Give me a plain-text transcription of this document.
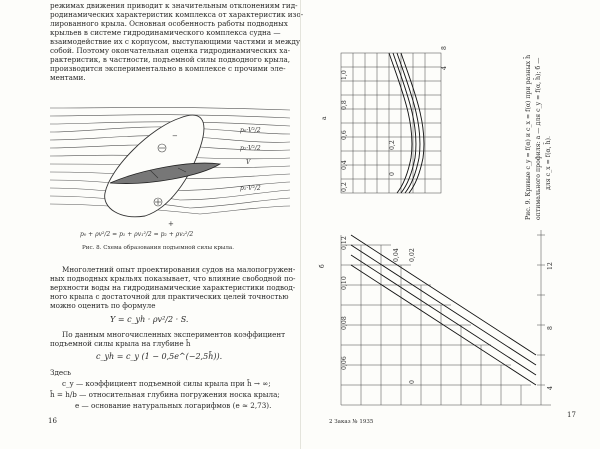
режимах движения приводит к значительным отклонениям гид-
родинамических характеристик комплекса от характеристик изо-
лированного крыла. Основная особенность работы подводных
крыльев в системе гидродинамического комплекса судна —
взаимодействие их с корпусом, выступающими частями и между
собой. Поэтому окончательная оценка гидродинамических ха-
рактеристик, в частности, подъемной силы подводного крыла,
производится экспериментально в комплексе с прочими эле-
ментами.
p₀·V²/2
p₂·V²/2
p₁·V²/2
V
+
−
p₀ + ρv²/2 = p₁ + ρv₁²/2 = p₂ + ρv₂²/2
Рис. 8. Схема образования подъемной силы крыла.
Многолетний опыт проектирования судов на малопогружен-
ных подводных крыльях показывает, что влияние свободной по-
верхности воды на гидродинамические характеристики подвод-
ного крыла с достаточной для практических целей точностью
можно оценить по формуле
Y = c_yh · ρv²/2 · S.
По данным многочисленных экспериментов коэффициент
подъемной силы крыла на глубине h̄
c_yh = c_y (1 − 0,5e^(−2,5h̄)).
Здесь
c_y — коэффициент подъемной силы крыла при h̄ → ∞;
h̄ = h/b — относительная глубина погружения носка крыла;
e — основание натуральных логарифмов (e ≈ 2,73).
16
a
1,0
0,8
0,6
0,4
0,2
0
0,2
4
8
б
0,12
0,10
0,08
0,06
0,04 0,02
0
4
8
12
Рис. 9. Кривые c_y = f(α) и c_x = f(α) при разных h̄ оптимального профиля: а — для c_y = f(α, h̄); б — для c_x = f(α, h̄).
2 Заказ № 1935
17
